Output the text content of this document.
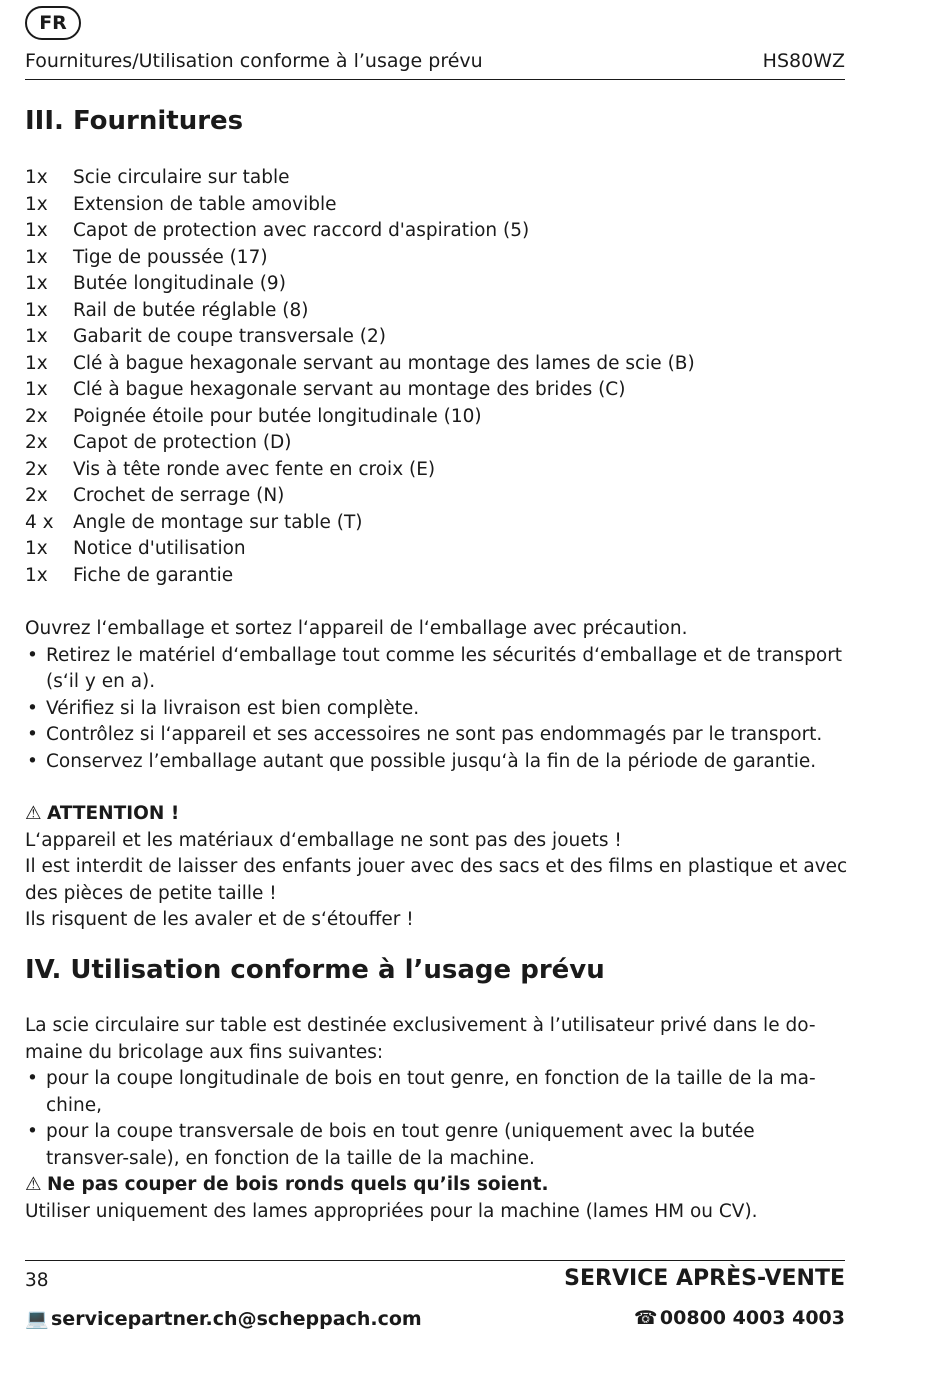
FR
Fournitures/Utilisation conforme à l’usage prévu	HS80WZ
III. Fournitures
1x Scie circulaire sur table
1x Extension de table amovible
1x Capot de protection avec raccord d'aspiration (5)
1x Tige de poussée (17)
1x Butée longitudinale (9)
1x Rail de butée réglable (8)
1x Gabarit de coupe transversale (2)
1x Clé à bague hexagonale servant au montage des lames de scie (B)
1x Clé à bague hexagonale servant au montage des brides (C)
2x Poignée étoile pour butée longitudinale (10)
2x Capot de protection (D)
2x Vis à tête ronde avec fente en croix (E)
2x Crochet de serrage (N)
4 x Angle de montage sur table (T)
1x Notice d'utilisation
1x Fiche de garantie

Ouvrez l‘emballage et sortez l‘appareil de l‘emballage avec précaution.

• Retirez le matériel d‘emballage tout comme les sécurités d‘emballage et de transport (s‘il y en a).
• Vérifiez si la livraison est bien complète.
• Contrôlez si l‘appareil et ses accessoires ne sont pas endommagés par le transport.
• Conservez l’emballage autant que possible jusqu‘à la fin de la période de garantie.

⚠ ATTENTION !

L‘appareil et les matériaux d‘emballage ne sont pas des jouets !

Il est interdit de laisser des enfants jouer avec des sacs et des films en plastique et avec des pièces de petite taille !

Ils risquent de les avaler et de s‘étouffer !

IV. Utilisation conforme à l’usage prévu

La scie circulaire sur table est destinée exclusivement à l’utilisateur privé dans le do-maine du bricolage aux fins suivantes:

• pour la coupe longitudinale de bois en tout genre, en fonction de la taille de la ma-chine,
• pour la coupe transversale de bois en tout genre (uniquement avec la butée transver-sale), en fonction de la taille de la machine.

⚠ Ne pas couper de bois ronds quels qu’ils soient.

Utiliser uniquement des lames appropriées pour la machine (lames HM ou CV).

38	SERVICE APRÈS-VENTE
💻 servicepartner.ch@scheppach.com	☎ 00800 4003 4003
